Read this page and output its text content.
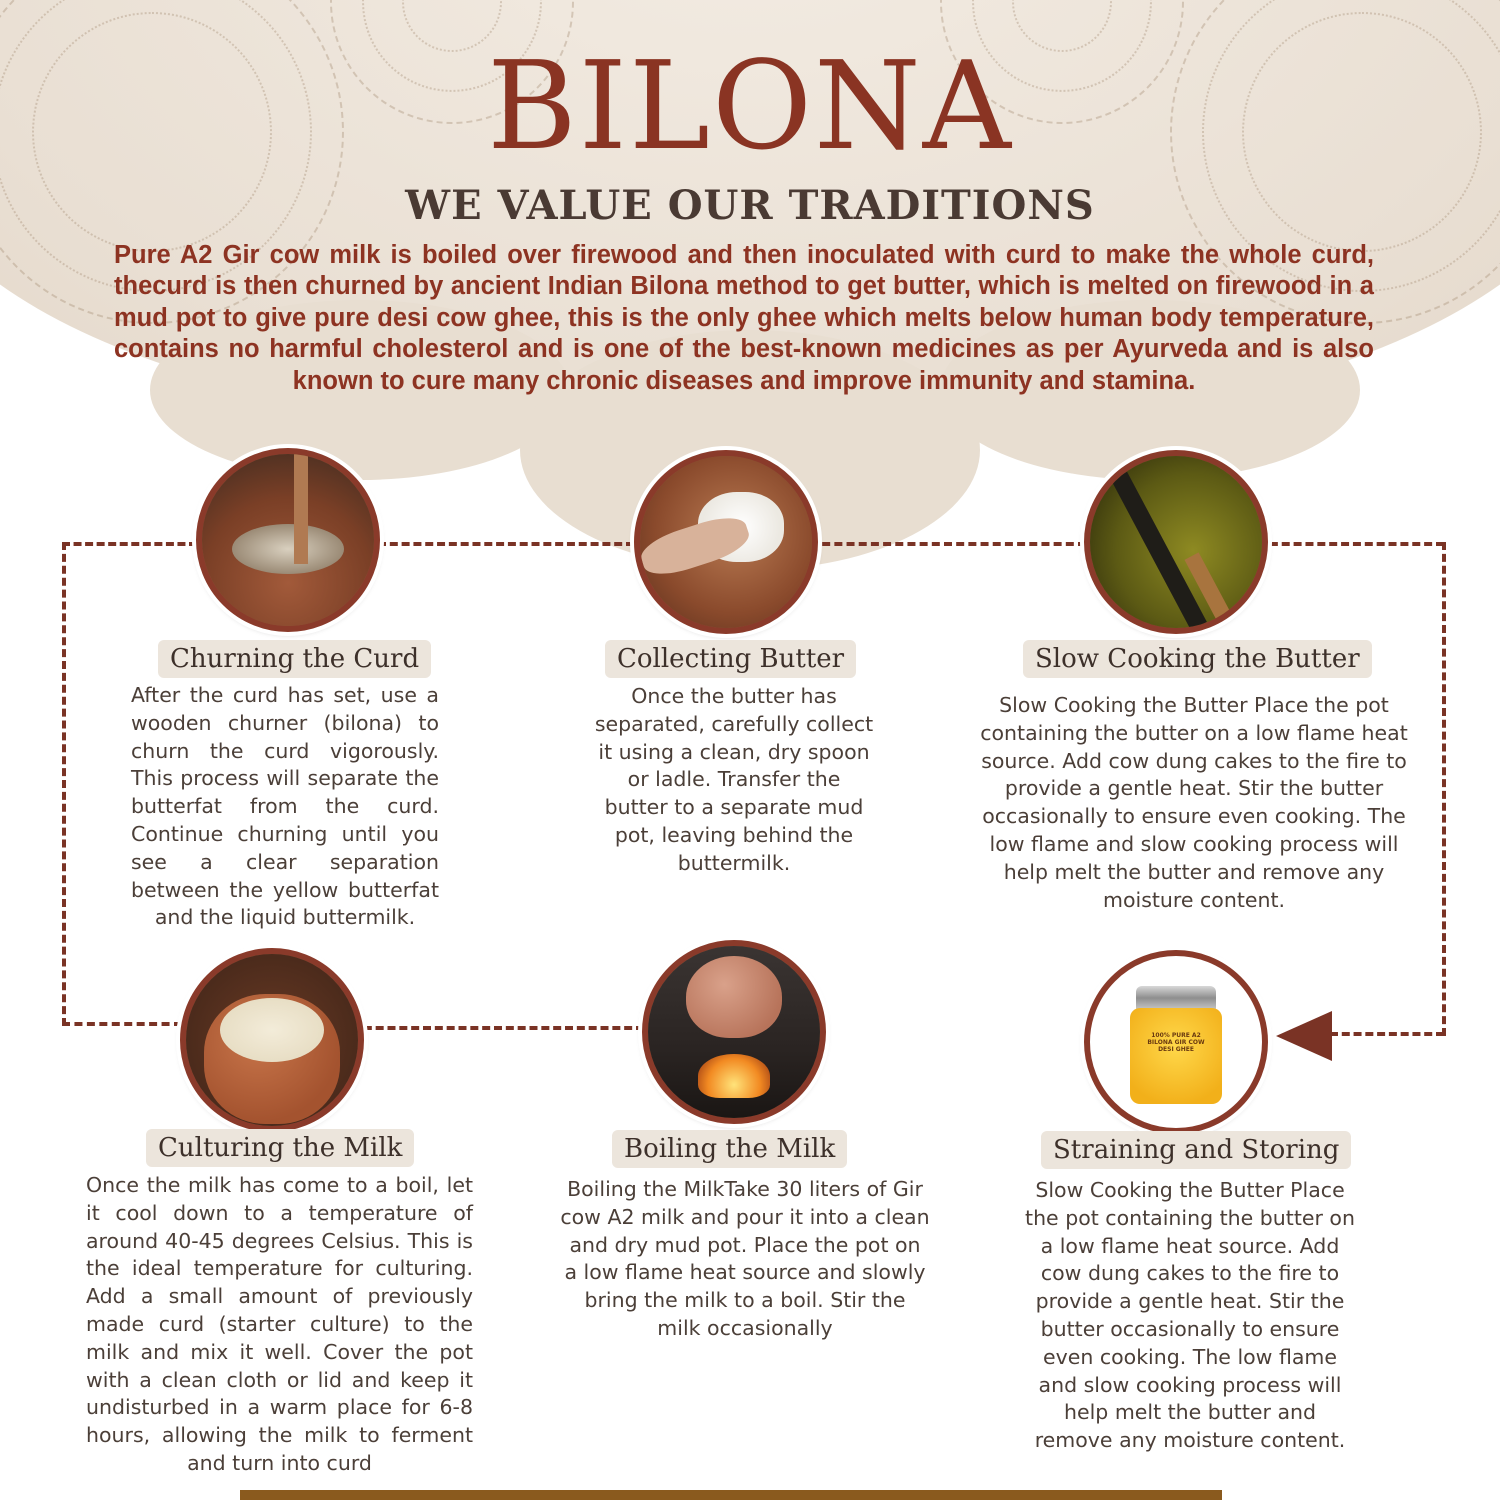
BILONA
WE VALUE OUR TRADITIONS
Pure A2 Gir cow milk is boiled over firewood and then inoculated with curd to make the whole curd, thecurd is then churned by ancient Indian Bilona method to get butter, which is melted on firewood in a mud pot to give pure desi cow ghee, this is the only ghee which melts below human body temperature, contains no harmful cholesterol and is one of the best-known medicines as per Ayurveda and is also known to cure many chronic diseases and improve immunity and stamina.
Churning the Curd
After the curd has set, use a wooden churner (bilona) to churn the curd vigorously. This process will separate the butterfat from the curd. Continue churning until you see a clear separation between the yellow butterfat and the liquid buttermilk.
Collecting Butter
Once the butter has separated, carefully collect it using a clean, dry spoon or ladle. Transfer the butter to a separate mud pot, leaving behind the buttermilk.
Slow Cooking the Butter
Slow Cooking the Butter Place the pot containing the butter on a low flame heat source. Add cow dung cakes to the fire to provide a gentle heat. Stir the butter occasionally to ensure even cooking. The low flame and slow cooking process will help melt the butter and remove any moisture content.
Culturing the Milk
Once the milk has come to a boil, let it cool down to a temperature of around 40-45 degrees Celsius. This is the ideal temperature for culturing. Add a small amount of previously made curd (starter culture) to the milk and mix it well. Cover the pot with a clean cloth or lid and keep it undisturbed in a warm place for 6-8 hours, allowing the milk to ferment and turn into curd
Boiling the Milk
Boiling the MilkTake 30 liters of Gir cow A2 milk and pour it into a clean and dry mud pot. Place the pot on a low flame heat source and slowly bring the milk to a boil. Stir the milk occasionally
100% PURE A2 BILONA GIR COW DESI GHEE
Straining and Storing
Slow Cooking the Butter Place the pot containing the butter on a low flame heat source. Add cow dung cakes to the fire to provide a gentle heat. Stir the butter occasionally to ensure even cooking. The low flame and slow cooking process will help melt the butter and remove any moisture content.
